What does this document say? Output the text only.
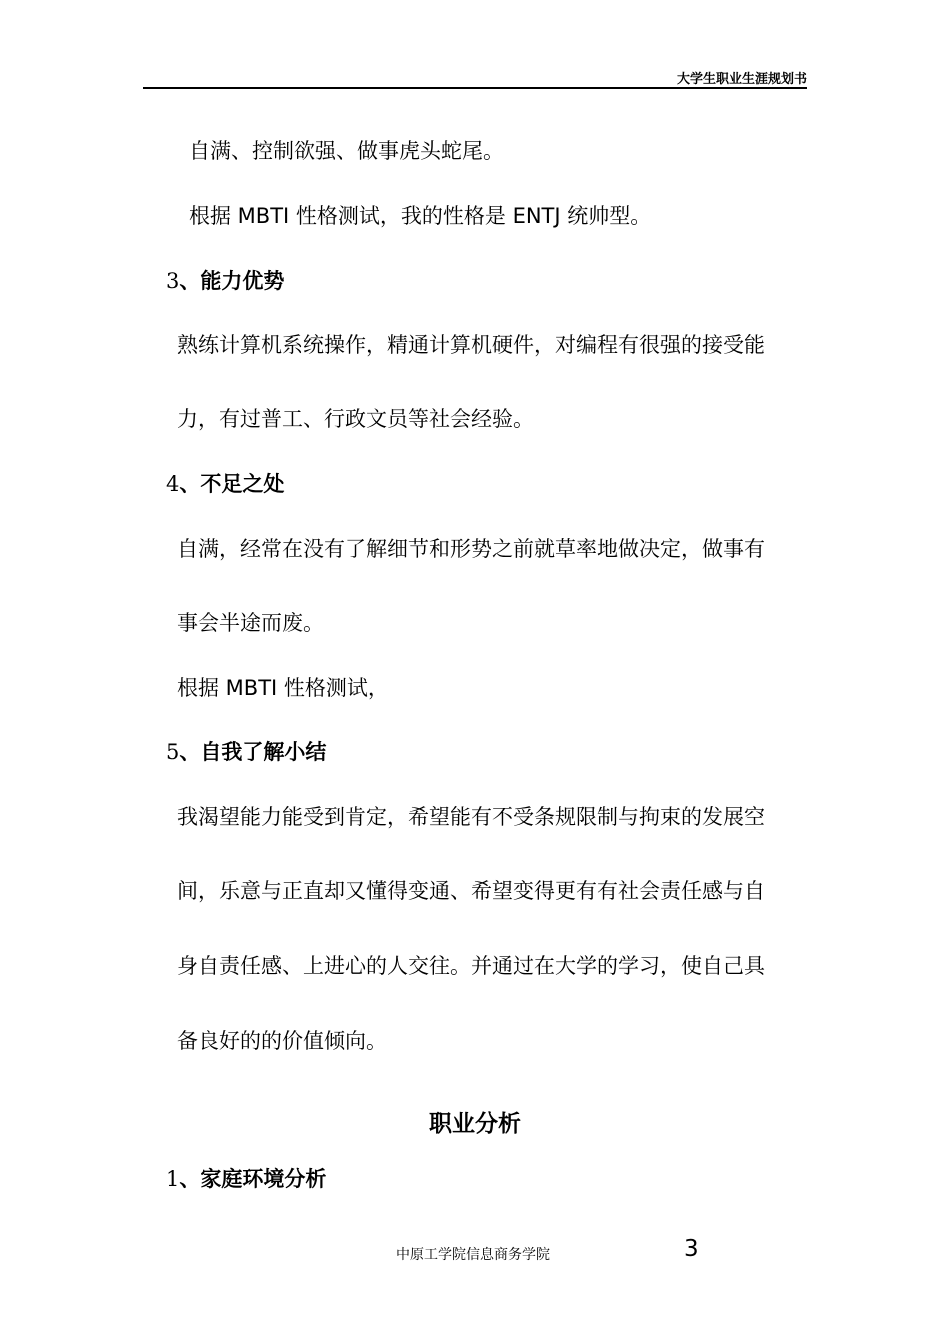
大学生职业生涯规划书
自满、控制欲强、做事虎头蛇尾。
根据 MBTI 性格测试，我的性格是 ENTJ 统帅型。
3、能力优势
熟练计算机系统操作，精通计算机硬件，对编程有很强的接受能
力，有过普工、行政文员等社会经验。
4、不足之处
自满，经常在没有了解细节和形势之前就草率地做决定，做事有
事会半途而废。
根据 MBTI 性格测试，
5、自我了解小结
我渴望能力能受到肯定，希望能有不受条规限制与拘束的发展空
间，乐意与正直却又懂得变通、希望变得更有有社会责任感与自
身自责任感、上进心的人交往。并通过在大学的学习，使自己具
备良好的的价值倾向。
职业分析
1、家庭环境分析
中原工学院信息商务学院	3
